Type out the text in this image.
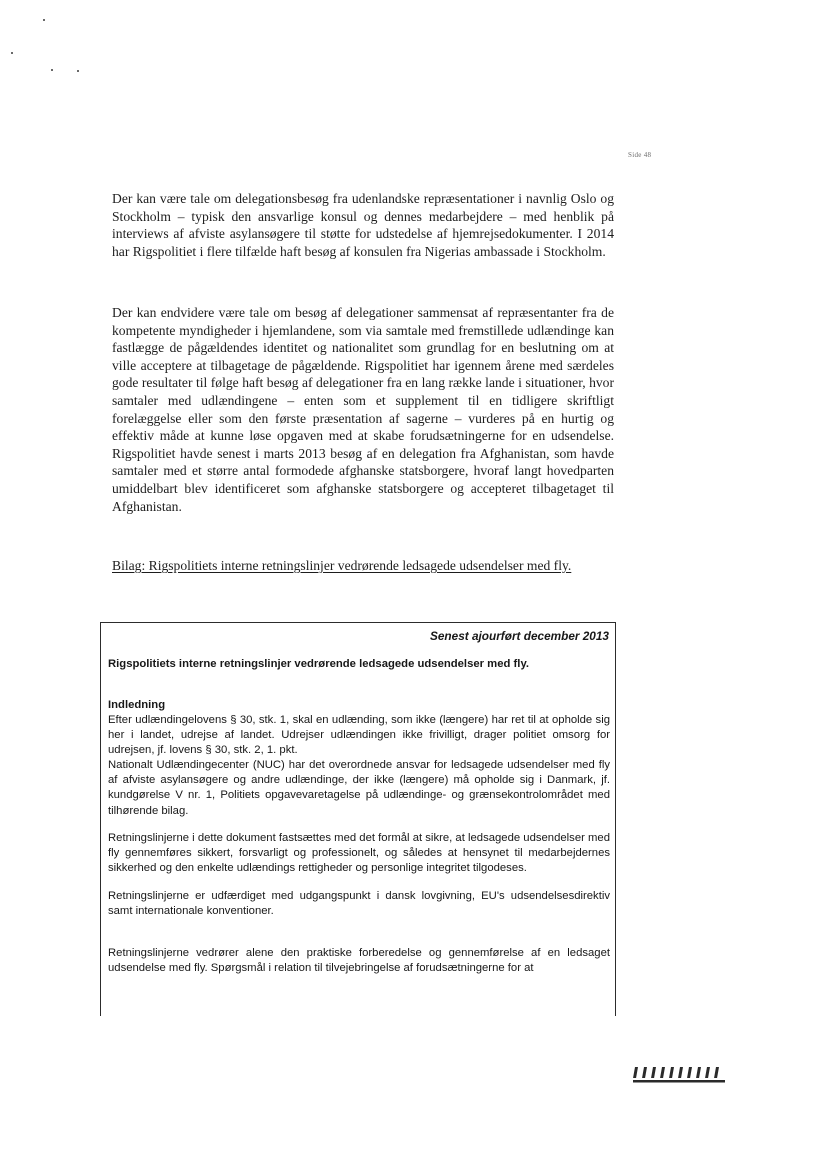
Side 48

Der kan være tale om delegationsbesøg fra udenlandske repræsentationer i navnlig Oslo og Stockholm – typisk den ansvarlige konsul og dennes medarbejdere – med henblik på interviews af afviste asylansøgere til støtte for udstedelse af hjemrejsedokumenter. I 2014 har Rigspolitiet i flere tilfælde haft besøg af konsulen fra Nigerias ambassade i Stockholm.

Der kan endvidere være tale om besøg af delegationer sammensat af repræsentanter fra de kompetente myndigheder i hjemlandene, som via samtale med fremstillede udlændinge kan fastlægge de pågældendes identitet og nationalitet som grundlag for en beslutning om at ville acceptere at tilbagetage de pågældende. Rigspolitiet har igennem årene med særdeles gode resultater til følge haft besøg af delegationer fra en lang række lande i situationer, hvor samtaler med udlændingene – enten som et supplement til en tidligere skriftligt forelæggelse eller som den første præsentation af sagerne – vurderes på en hurtig og effektiv måde at kunne løse opgaven med at skabe forudsætningerne for en udsendelse. Rigspolitiet havde senest i marts 2013 besøg af en delegation fra Afghanistan, som havde samtaler med et større antal formodede afghanske statsborgere, hvoraf langt hovedparten umiddelbart blev identificeret som afghanske statsborgere og accepteret tilbagetaget til Afghanistan.

Bilag: Rigspolitiets interne retningslinjer vedrørende ledsagede udsendelser med fly.

Senest ajourført december 2013
Rigspolitiets interne retningslinjer vedrørende ledsagede udsendelser med fly.
Indledning

Efter udlændingelovens § 30, stk. 1, skal en udlænding, som ikke (længere) har ret til at opholde sig her i landet, udrejse af landet. Udrejser udlændingen ikke frivilligt, drager politiet omsorg for udrejsen, jf. lovens § 30, stk. 2, 1. pkt.

Nationalt Udlændingecenter (NUC) har det overordnede ansvar for ledsagede udsendelser med fly af afviste asylansøgere og andre udlændinge, der ikke (længere) må opholde sig i Danmark, jf. kundgørelse V nr. 1, Politiets opgavevaretagelse på udlændinge- og grænsekontrolområdet med tilhørende bilag.

Retningslinjerne i dette dokument fastsættes med det formål at sikre, at ledsagede udsendelser med fly gennemføres sikkert, forsvarligt og professionelt, og således at hensynet til medarbejdernes sikkerhed og den enkelte udlændings rettigheder og personlige integritet tilgodeses.

Retningslinjerne er udfærdiget med udgangspunkt i dansk lovgivning, EU's udsendelsesdirektiv samt internationale konventioner.

Retningslinjerne vedrører alene den praktiske forberedelse og gennemførelse af en ledsaget udsendelse med fly. Spørgsmål i relation til tilvejebringelse af forudsætningerne for at
